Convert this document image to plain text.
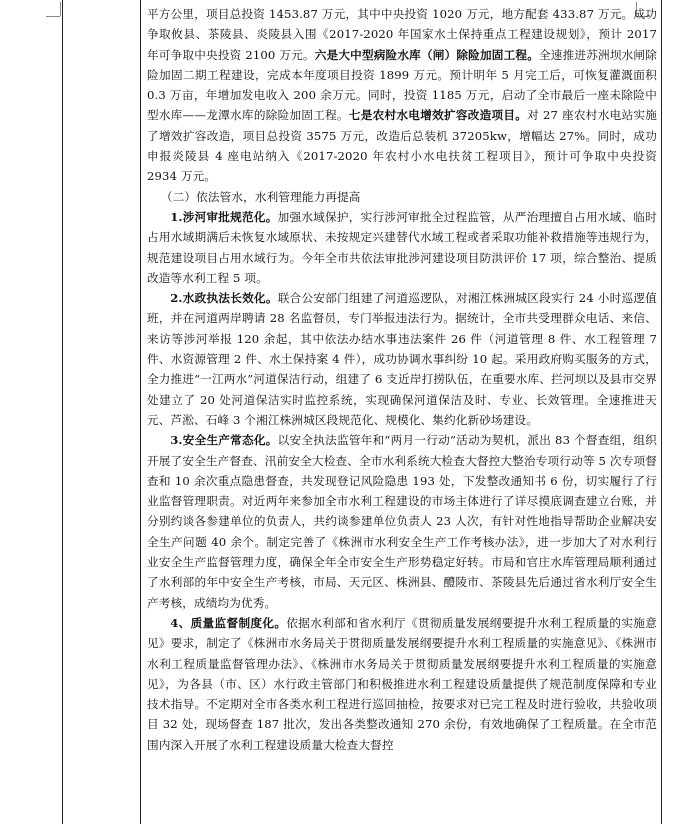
平方公里，项目总投资 1453.87 万元，其中中央投资 1020 万元，地方配套 433.87 万元。成功争取攸县、茶陵县、炎陵县入围《2017-2020 年国家水土保持重点工程建设规划》，预计 2017 年可争取中央投资 2100 万元。六是大中型病险水库（闸）除险加固工程。全速推进苏洲坝水闸除险加固二期工程建设，完成本年度项目投资 1899 万元。预计明年 5 月完工后，可恢复灌溉面积 0.3 万亩，年增加发电收入 200 余万元。同时，投资 1185 万元，启动了全市最后一座未除险中型水库——龙潭水库的除险加固工程。七是农村水电增效扩容改造项目。对 27 座农村水电站实施了增效扩容改造，项目总投资 3575 万元，改造后总装机 37205kw，增幅达 27%。同时，成功申报炎陵县 4 座电站纳入《2017-2020 年农村小水电扶贫工程项目》，预计可争取中央投资 2934 万元。

（二）依法管水，水利管理能力再提高

1.涉河审批规范化。加强水域保护，实行涉河审批全过程监管，从严治理擅自占用水域、临时占用水域期满后未恢复水域原状、未按规定兴建替代水域工程或者采取功能补救措施等违规行为，规范建设项目占用水域行为。今年全市共依法审批涉河建设项目防洪评价 17 项，综合整治、提质改造等水利工程 5 项。

2.水政执法长效化。联合公安部门组建了河道巡逻队，对湘江株洲城区段实行 24 小时巡逻值班，并在河道两岸聘请 28 名监督员，专门举报违法行为。据统计，全市共受理群众电话、来信、来访等涉河举报 120 余起，其中依法办结水事违法案件 26 件（河道管理 8 件、水工程管理 7 件、水资源管理 2 件、水土保持案 4 件），成功协调水事纠纷 10 起。采用政府购买服务的方式，全力推进“一江两水”河道保洁行动，组建了 6 支近岸打捞队伍，在重要水库、拦河坝以及县市交界处建立了 20 处河道保洁实时监控系统，实现确保河道保洁及时、专业、长效管理。全速推进天元、芦淞、石峰 3 个湘江株洲城区段规范化、规模化、集约化新砂场建设。

3.安全生产常态化。以安全执法监管年和“两月一行动”活动为契机，派出 83 个督查组，组织开展了安全生产督查、汛前安全大检查、全市水利系统大检查大督控大整治专项行动等 5 次专项督查和 10 余次重点隐患督查，共发现登记风险隐患 193 处，下发整改通知书 6 份，切实履行了行业监督管理职责。对近两年来参加全市水利工程建设的市场主体进行了详尽摸底调查建立台账，并分别约谈各参建单位的负责人，共约谈参建单位负责人 23 人次，有针对性地指导帮助企业解决安全生产问题 40 余个。制定完善了《株洲市水利安全生产工作考核办法》，进一步加大了对水利行业安全生产监督管理力度，确保全年全市安全生产形势稳定好转。市局和官庄水库管理局顺利通过了水利部的年中安全生产考核，市局、天元区、株洲县、醴陵市、茶陵县先后通过省水利厅安全生产考核，成绩均为优秀。

4、质量监督制度化。依据水利部和省水利厅《贯彻质量发展纲要提升水利工程质量的实施意见》要求，制定了《株洲市水务局关于贯彻质量发展纲要提升水利工程质量的实施意见》、《株洲市水利工程质量监督管理办法》、《株洲市水务局关于贯彻质量发展纲要提升水利工程质量的实施意见》，为各县（市、区）水行政主管部门和积极推进水利工程建设质量提供了规范制度保障和专业技术指导。不定期对全市各类水利工程进行巡回抽检，按要求对已完工程及时进行验收，共验收项目 32 处，现场督查 187 批次，发出各类整改通知 270 余份，有效地确保了工程质量。在全市范围内深入开展了水利工程建设质量大检查大督控
